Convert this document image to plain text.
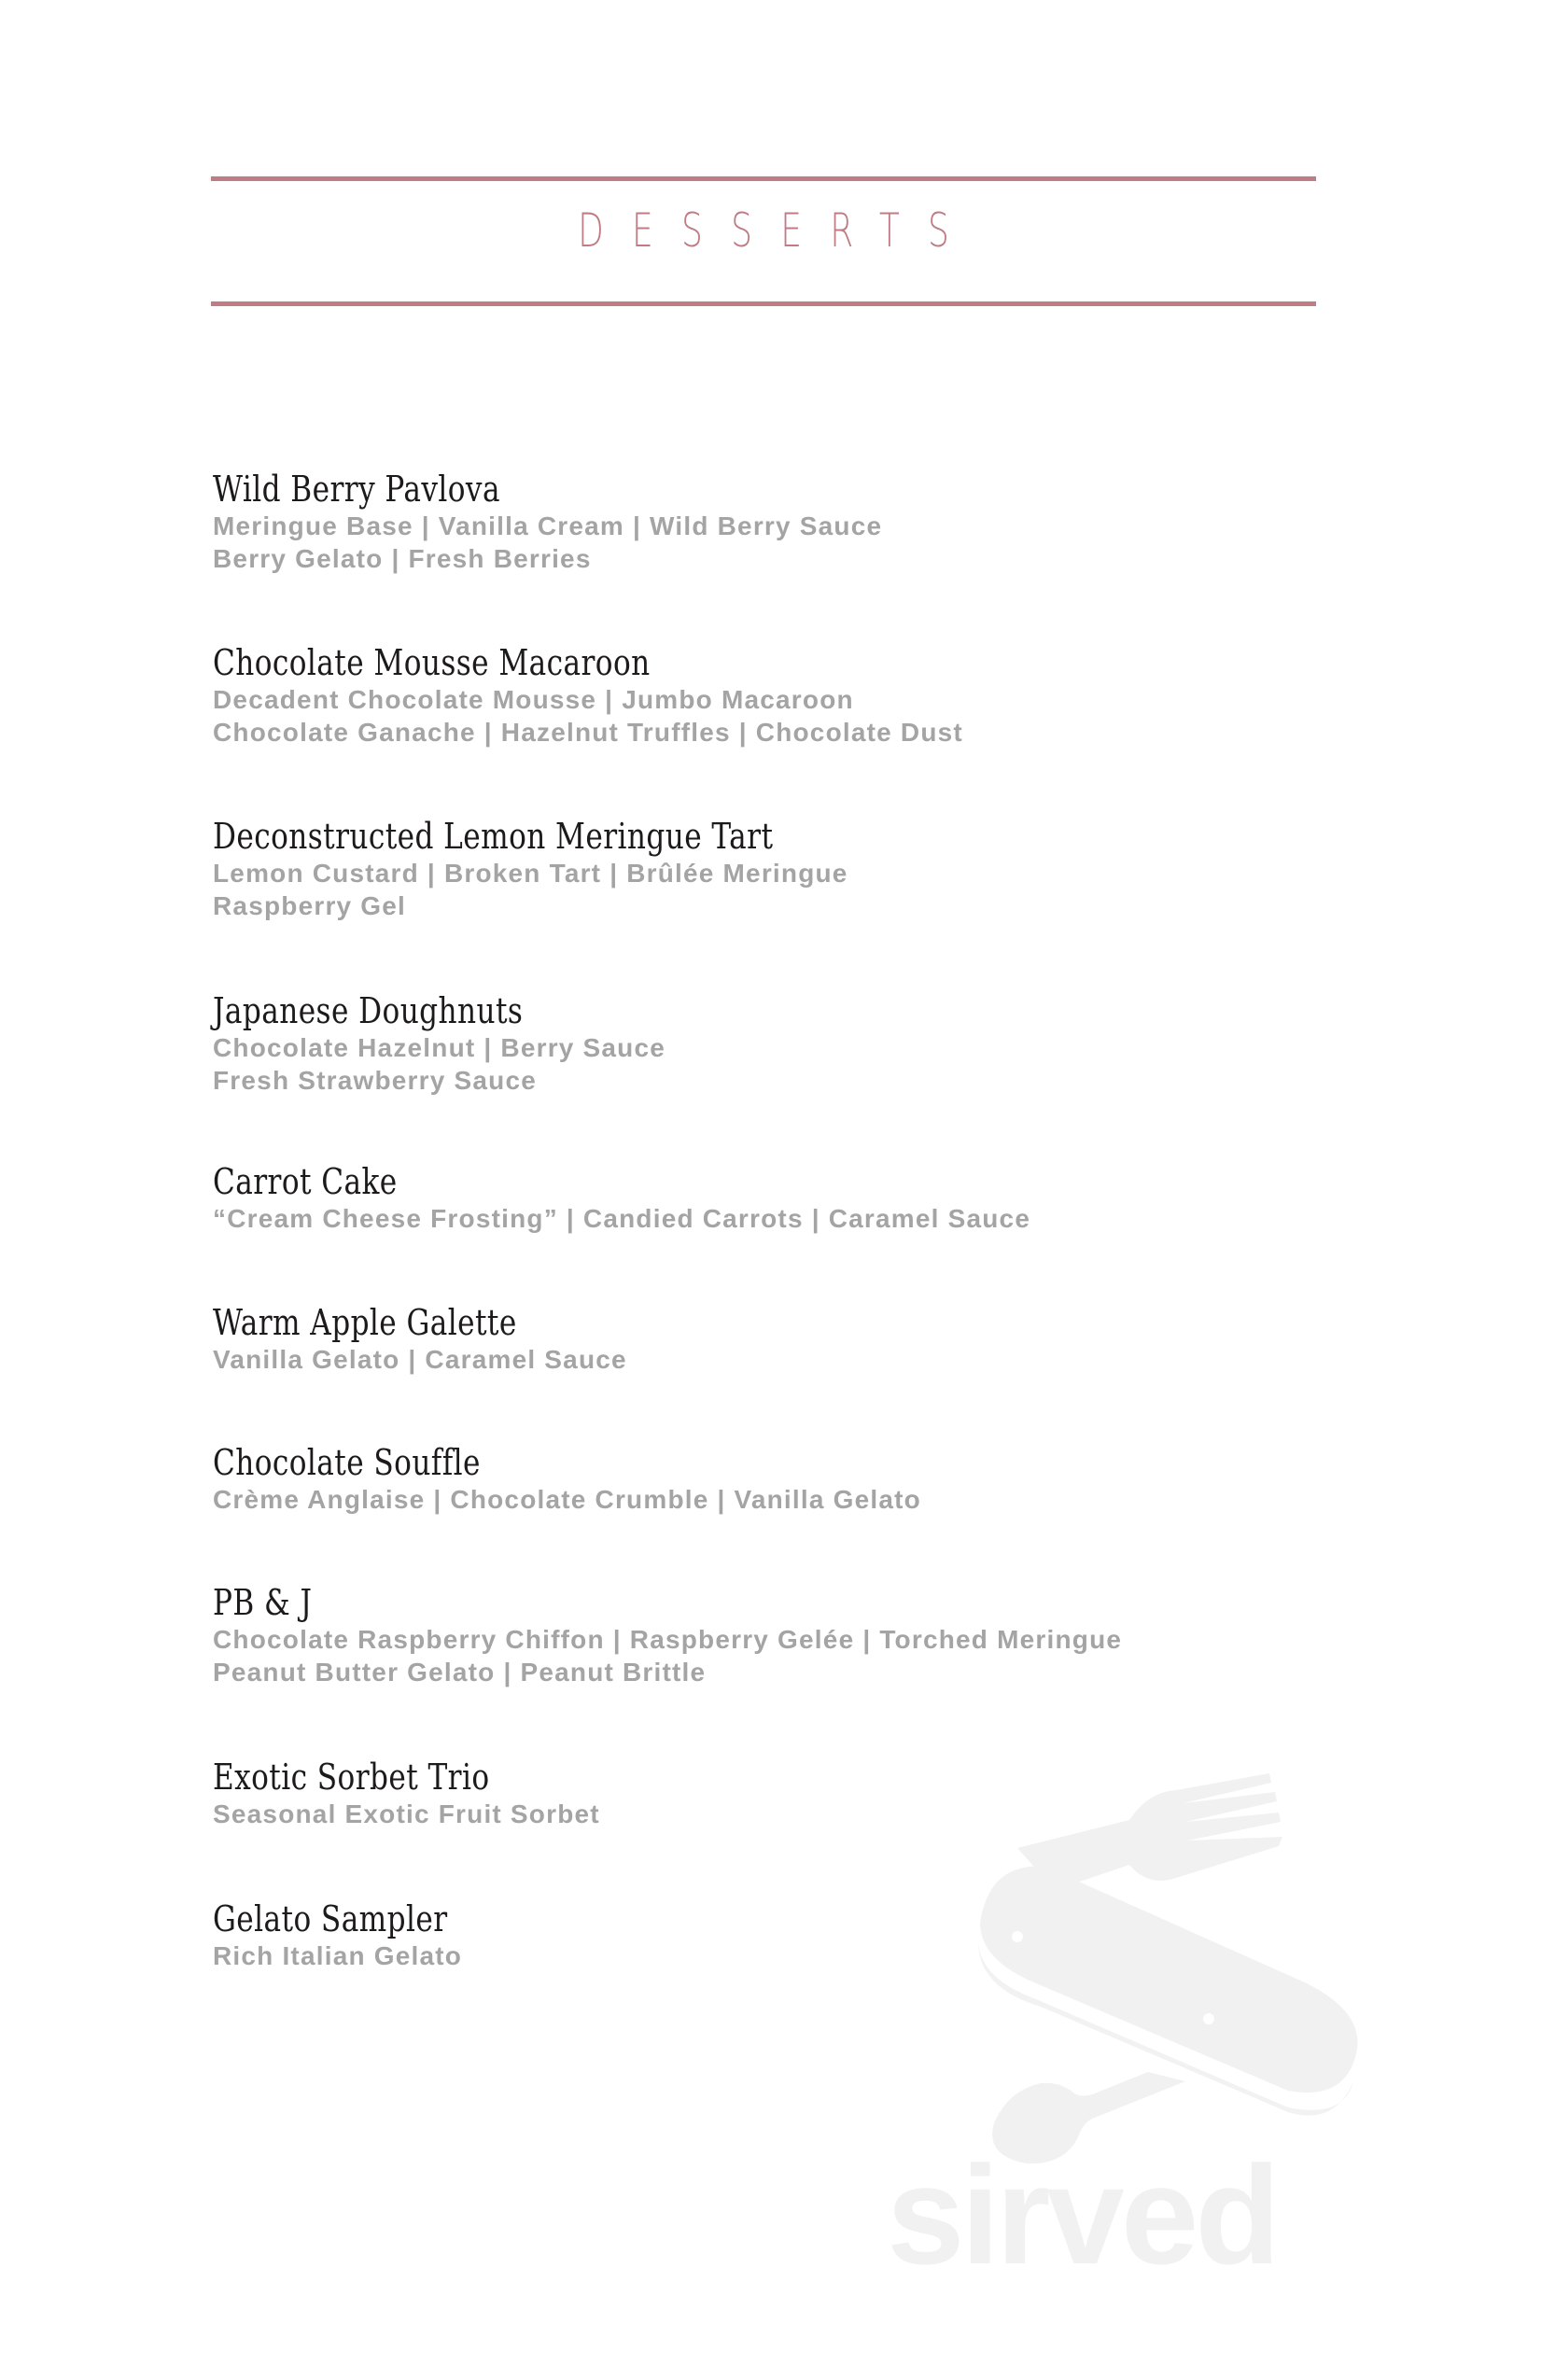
DESSERTS
Wild Berry Pavlova
Meringue Base | Vanilla Cream | Wild Berry Sauce
Berry Gelato | Fresh Berries
Chocolate Mousse Macaroon
Decadent Chocolate Mousse | Jumbo Macaroon
Chocolate Ganache | Hazelnut Truffles | Chocolate Dust
Deconstructed Lemon Meringue Tart
Lemon Custard | Broken Tart | Brûlée Meringue
Raspberry Gel
Japanese Doughnuts
Chocolate Hazelnut | Berry Sauce
Fresh Strawberry Sauce
Carrot Cake
“Cream Cheese Frosting” | Candied Carrots | Caramel Sauce
Warm Apple Galette
Vanilla Gelato | Caramel Sauce
Chocolate Souffle
Crème Anglaise | Chocolate Crumble | Vanilla Gelato
PB & J
Chocolate Raspberry Chiffon | Raspberry Gelée | Torched Meringue
Peanut Butter Gelato | Peanut Brittle
Exotic Sorbet Trio
Seasonal Exotic Fruit Sorbet
Gelato Sampler
Rich Italian Gelato
sirved
